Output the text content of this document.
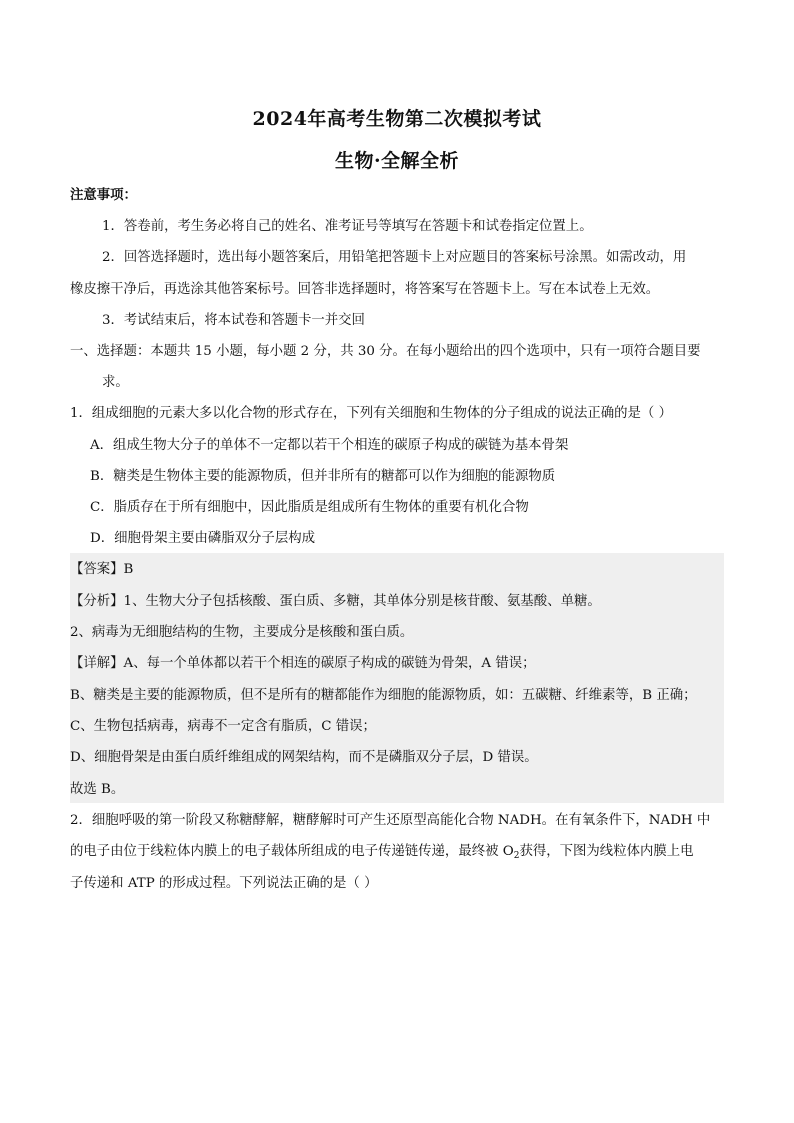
2024年高考生物第二次模拟考试
生物·全解全析
注意事项：
1．答卷前，考生务必将自己的姓名、准考证号等填写在答题卡和试卷指定位置上。
2．回答选择题时，选出每小题答案后，用铅笔把答题卡上对应题目的答案标号涂黑。如需改动，用
橡皮擦干净后，再选涂其他答案标号。回答非选择题时，将答案写在答题卡上。写在本试卷上无效。
3．考试结束后，将本试卷和答题卡一并交回
一、选择题：本题共 15 小题，每小题 2 分，共 30 分。在每小题给出的四个选项中，只有一项符合题目要
求。
1．组成细胞的元素大多以化合物的形式存在，下列有关细胞和生物体的分子组成的说法正确的是（ ）
A．组成生物大分子的单体不一定都以若干个相连的碳原子构成的碳链为基本骨架
B．糖类是生物体主要的能源物质，但并非所有的糖都可以作为细胞的能源物质
C．脂质存在于所有细胞中，因此脂质是组成所有生物体的重要有机化合物
D．细胞骨架主要由磷脂双分子层构成
【答案】B
【分析】1、生物大分子包括核酸、蛋白质、多糖，其单体分别是核苷酸、氨基酸、单糖。
2、病毒为无细胞结构的生物，主要成分是核酸和蛋白质。
【详解】A、每一个单体都以若干个相连的碳原子构成的碳链为骨架，A 错误；
B、糖类是主要的能源物质，但不是所有的糖都能作为细胞的能源物质，如：五碳糖、纤维素等，B 正确；
C、生物包括病毒，病毒不一定含有脂质，C 错误；
D、细胞骨架是由蛋白质纤维组成的网架结构，而不是磷脂双分子层，D 错误。
故选 B。
2．细胞呼吸的第一阶段又称糖酵解，糖酵解时可产生还原型高能化合物 NADH。在有氧条件下，NADH 中
的电子由位于线粒体内膜上的电子载体所组成的电子传递链传递，最终被 $O_2$获得，下图为线粒体内膜上电
子传递和 ATP 的形成过程。下列说法正确的是（ ）
